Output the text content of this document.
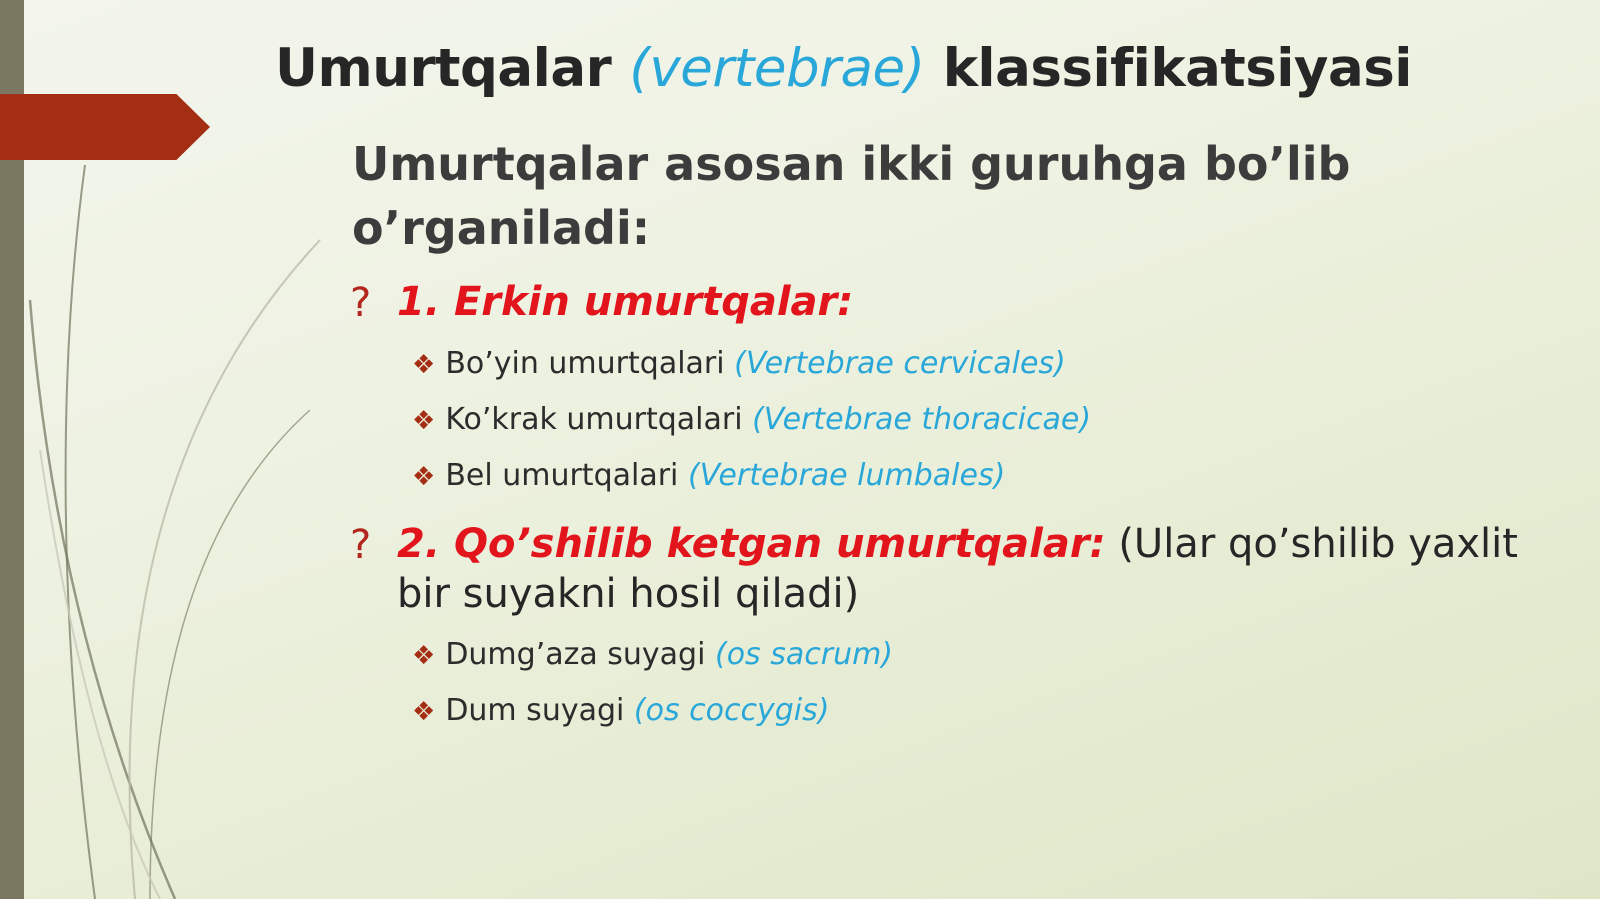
Umurtqalar (vertebrae) klassifikatsiyasi

Umurtqalar asosan ikki guruhga bo’lib o’rganiladi:

? 1. Erkin umurtqalar:

❖ Bo’yin umurtqalari (Vertebrae cervicales)
❖ Ko’krak umurtqalari (Vertebrae thoracicae)
❖ Bel umurtqalari (Vertebrae lumbales)
? 2. Qo’shilib ketgan umurtqalar: (Ular qo’shilib yaxlit bir suyakni hosil qiladi)

❖ Dumg’aza suyagi (os sacrum)
❖ Dum suyagi (os coccygis)
